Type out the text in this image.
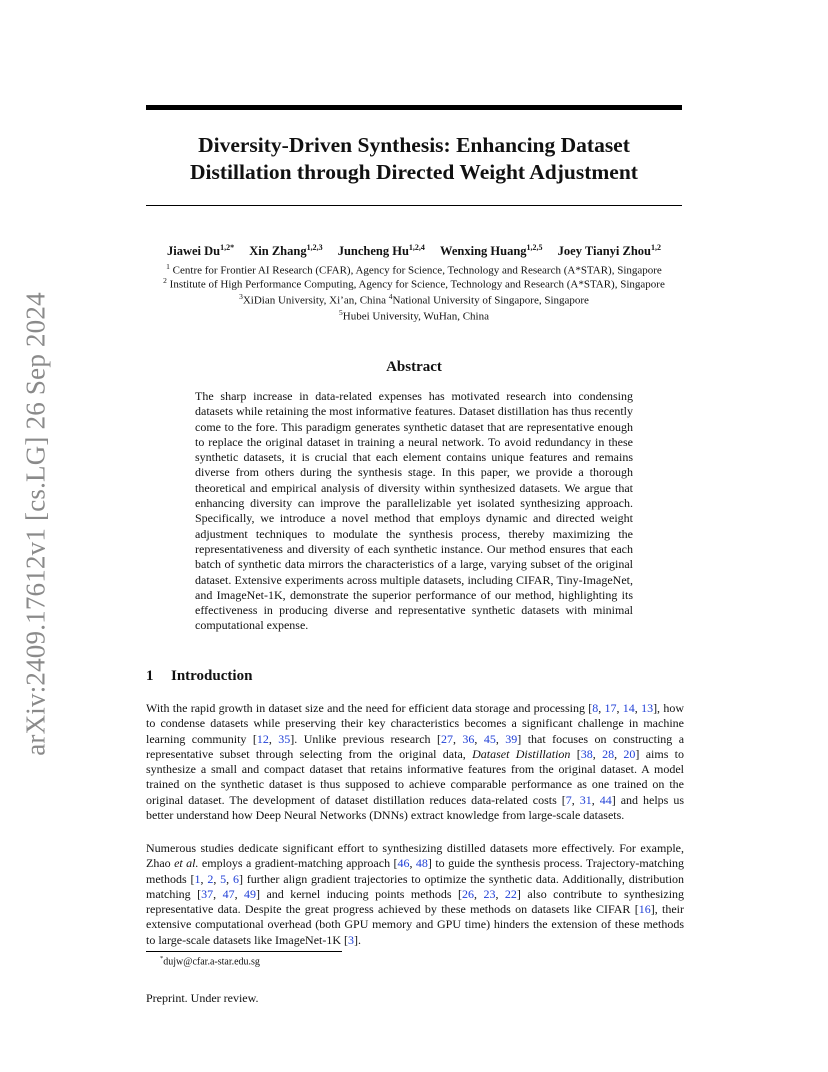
arXiv:2409.17612v1 [cs.LG] 26 Sep 2024
Diversity-Driven Synthesis: Enhancing Dataset
Distillation through Directed Weight Adjustment
Jiawei $Du^{1,2*}$ Xin Zhang$^{1,2,3}$ Juncheng Hu$^{1,2,4}$ Wenxing Huang$^{1,2,5}$ Joey Tianyi Zhou$^{1,2}$
$^1$ Centre for Frontier AI Research (CFAR), Agency for Science, Technology and Research (A*STAR), Singapore
$^2$ Institute of High Performance Computing, Agency for Science, Technology and Research (A*STAR), Singapore
$^3$XiDian University, Xi’an, China $^4$National University of Singapore, Singapore
$^5$Hubei University, WuHan, China
Abstract
The sharp increase in data-related expenses has motivated research into condensing datasets while retaining the most informative features. Dataset distillation has thus recently come to the fore. This paradigm generates synthetic dataset that are representative enough to replace the original dataset in training a neural network. To avoid redundancy in these synthetic datasets, it is crucial that each element contains unique features and remains diverse from others during the synthesis stage. In this paper, we provide a thorough theoretical and empirical analysis of diversity within synthesized datasets. We argue that enhancing diversity can improve the parallelizable yet isolated synthesizing approach. Specifically, we introduce a novel method that employs dynamic and directed weight adjustment techniques to modulate the synthesis process, thereby maximizing the representativeness and diversity of each synthetic instance. Our method ensures that each batch of synthetic data mirrors the characteristics of a large, varying subset of the original dataset. Extensive experiments across multiple datasets, including CIFAR, Tiny-ImageNet, and ImageNet-1K, demonstrate the superior performance of our method, highlighting its effectiveness in producing diverse and representative synthetic datasets with minimal computational expense.
1 Introduction
With the rapid growth in dataset size and the need for efficient data storage and processing [8, 17, 14, 13], how to condense datasets while preserving their key characteristics becomes a significant challenge in machine learning community [12, 35]. Unlike previous research [27, 36, 45, 39] that focuses on constructing a representative subset through selecting from the original data, Dataset Distillation [38, 28, 20] aims to synthesize a small and compact dataset that retains informative features from the original dataset. A model trained on the synthetic dataset is thus supposed to achieve comparable performance as one trained on the original dataset. The development of dataset distillation reduces data-related costs [7, 31, 44] and helps us better understand how Deep Neural Networks (DNNs) extract knowledge from large-scale datasets.
Numerous studies dedicate significant effort to synthesizing distilled datasets more effectively. For example, Zhao et al. employs a gradient-matching approach [46, 48] to guide the synthesis process. Trajectory-matching methods [1, 2, 5, 6] further align gradient trajectories to optimize the synthetic data. Additionally, distribution matching [37, 47, 49] and kernel inducing points methods [26, 23, 22] also contribute to synthesizing representative data. Despite the great progress achieved by these methods on datasets like CIFAR [16], their extensive computational overhead (both GPU memory and GPU time) hinders the extension of these methods to large-scale datasets like ImageNet-1K [3].
*dujw@cfar.a-star.edu.sg
Preprint. Under review.
